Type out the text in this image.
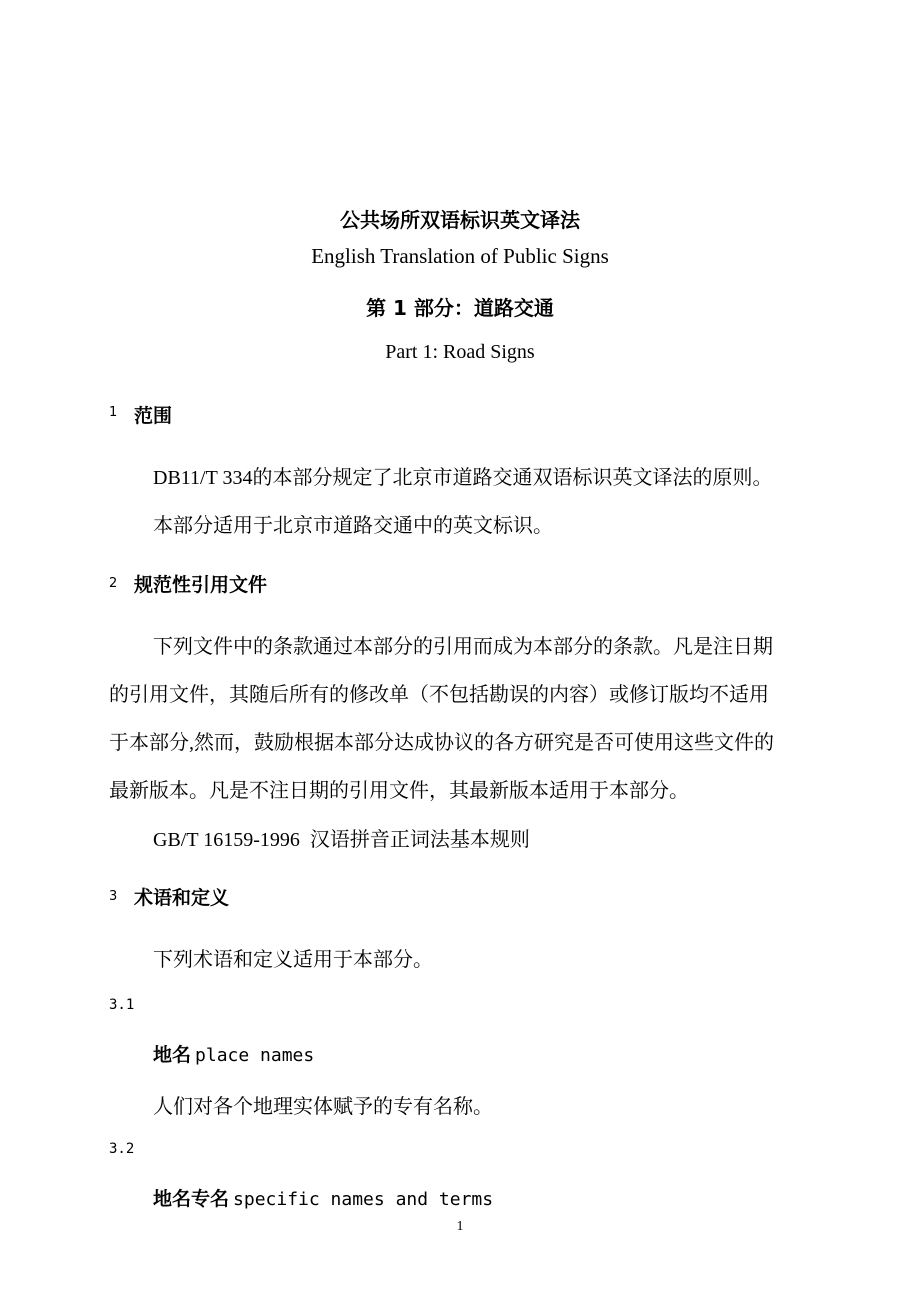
公共场所双语标识英文译法
English Translation of Public Signs
第 1 部分：道路交通
Part 1: Road Signs
1 范围
DB11/T 334的本部分规定了北京市道路交通双语标识英文译法的原则。
本部分适用于北京市道路交通中的英文标识。
2 规范性引用文件
下列文件中的条款通过本部分的引用而成为本部分的条款。凡是注日期
的引用文件，其随后所有的修改单（不包括勘误的内容）或修订版均不适用
于本部分,然而，鼓励根据本部分达成协议的各方研究是否可使用这些文件的
最新版本。凡是不注日期的引用文件，其最新版本适用于本部分。
GB/T 16159-1996  汉语拼音正词法基本规则
3 术语和定义
下列术语和定义适用于本部分。
3.1
地名 place names
人们对各个地理实体赋予的专有名称。
3.2
地名专名 specific names and terms
1
